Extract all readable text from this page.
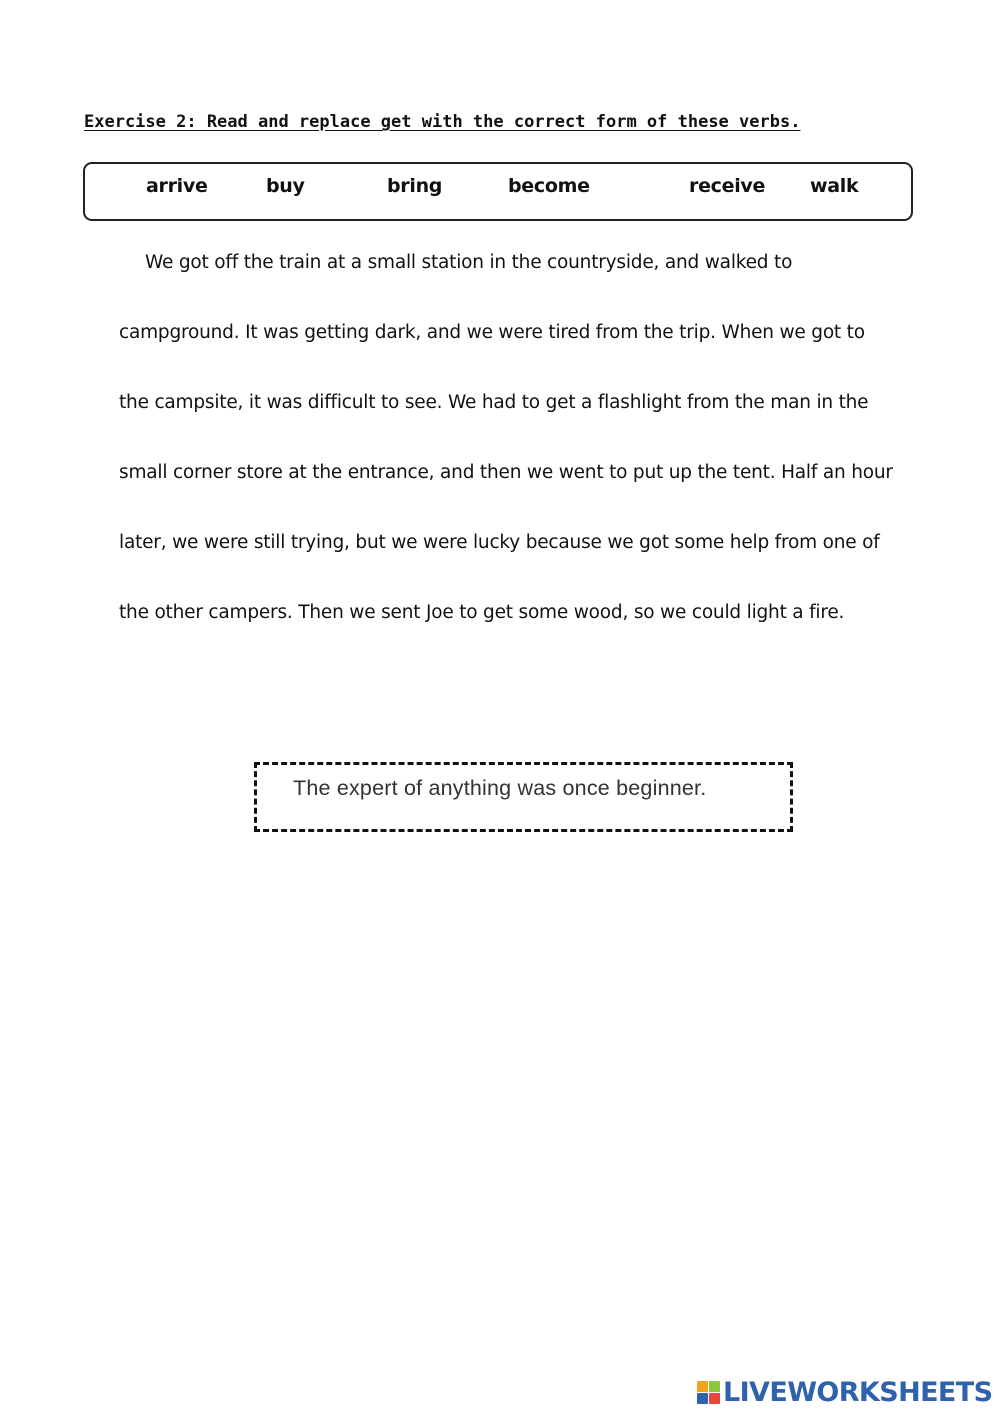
Exercise 2: Read and replace get with the correct form of these verbs.
arrive	buy	bring	become	receive walk
We got off the train at a small station in the countryside, and walked to
campground. It was getting dark, and we were tired from the trip. When we got to
the campsite, it was difficult to see. We had to get a flashlight from the man in the
small corner store at the entrance, and then we went to put up the tent. Half an hour
later, we were still trying, but we were lucky because we got some help from one of
the other campers. Then we sent Joe to get some wood, so we could light a fire.
The expert of anything was once beginner.
LIVEWORKSHEETS
